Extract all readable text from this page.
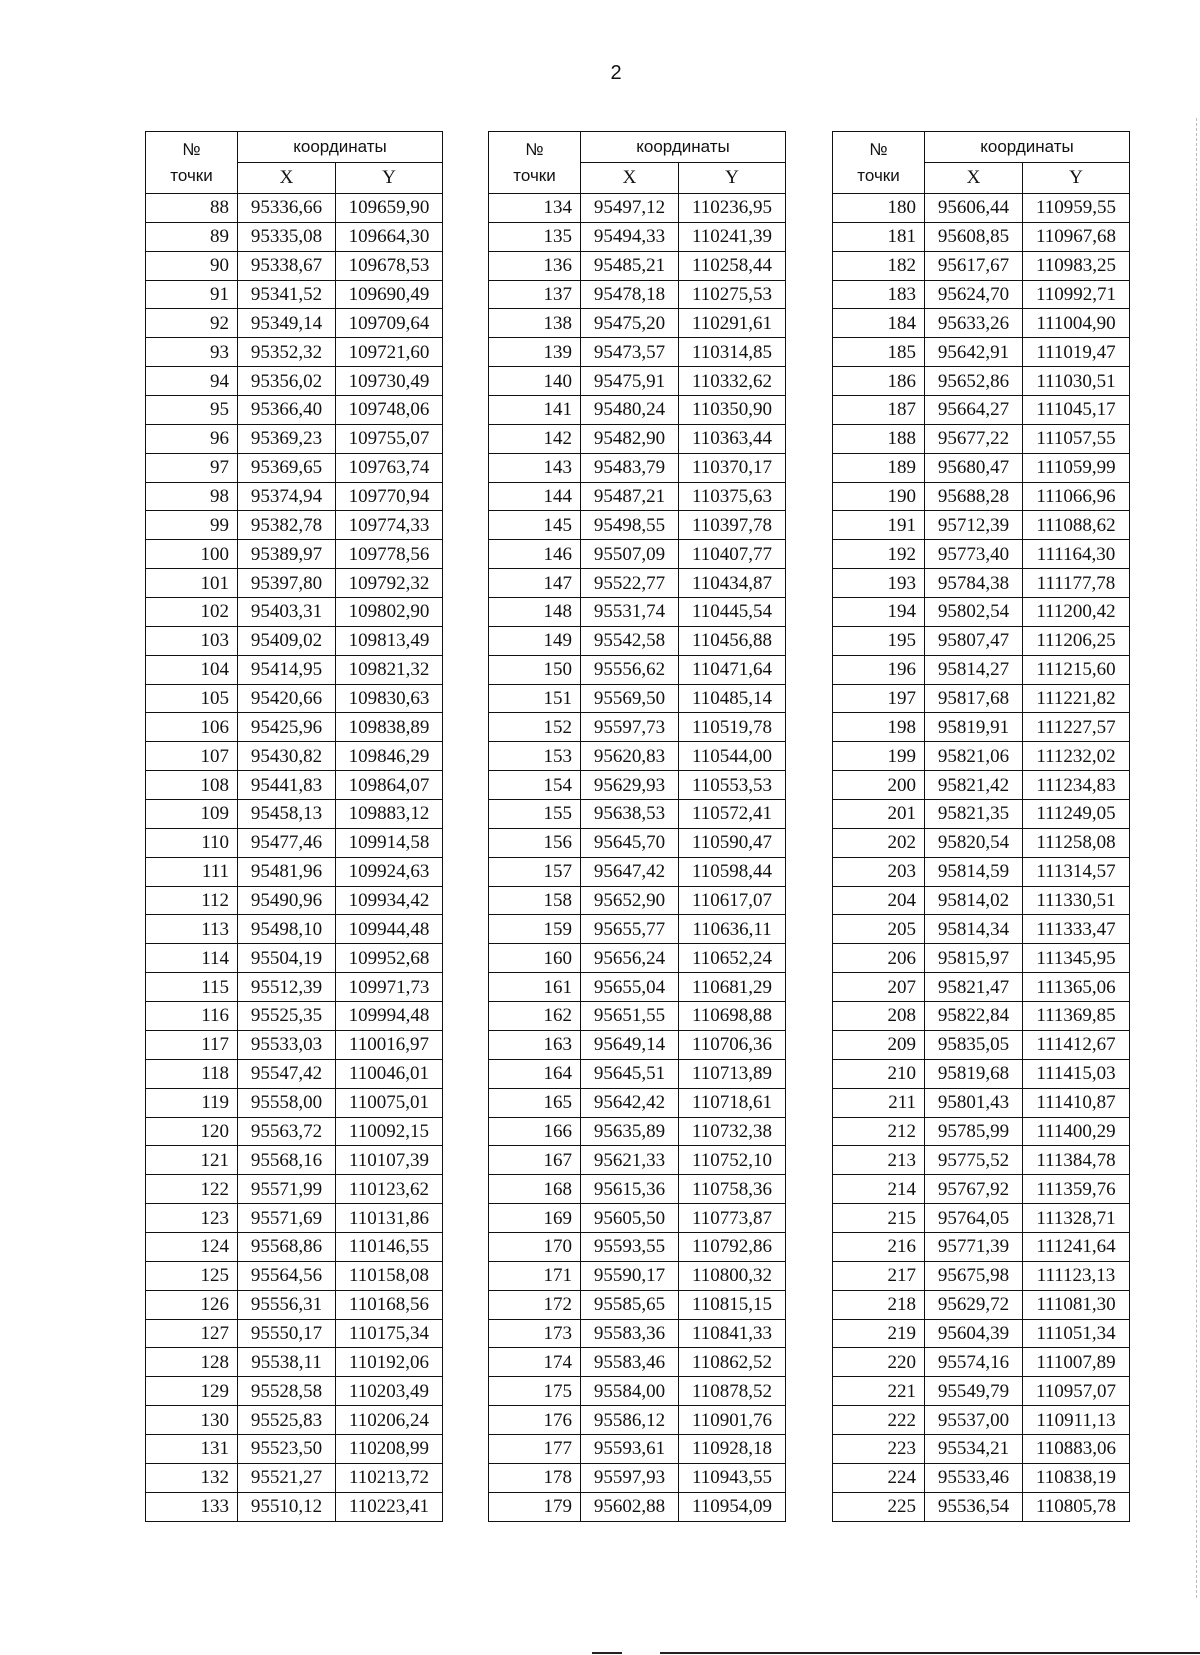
2
№
точки	координаты	
	X	Y
88	95336,66	109659,90
89	95335,08	109664,30
90	95338,67	109678,53
91	95341,52	109690,49
92	95349,14	109709,64
93	95352,32	109721,60
94	95356,02	109730,49
95	95366,40	109748,06
96	95369,23	109755,07
97	95369,65	109763,74
98	95374,94	109770,94
99	95382,78	109774,33
100	95389,97	109778,56
101	95397,80	109792,32
102	95403,31	109802,90
103	95409,02	109813,49
104	95414,95	109821,32
105	95420,66	109830,63
106	95425,96	109838,89
107	95430,82	109846,29
108	95441,83	109864,07
109	95458,13	109883,12
110	95477,46	109914,58
111	95481,96	109924,63
112	95490,96	109934,42
113	95498,10	109944,48
114	95504,19	109952,68
115	95512,39	109971,73
116	95525,35	109994,48
117	95533,03	110016,97
118	95547,42	110046,01
119	95558,00	110075,01
120	95563,72	110092,15
121	95568,16	110107,39
122	95571,99	110123,62
123	95571,69	110131,86
124	95568,86	110146,55
125	95564,56	110158,08
126	95556,31	110168,56
127	95550,17	110175,34
128	95538,11	110192,06
129	95528,58	110203,49
130	95525,83	110206,24
131	95523,50	110208,99
132	95521,27	110213,72
133	95510,12	110223,41
№
точки	координаты	
	X	Y
134	95497,12	110236,95
135	95494,33	110241,39
136	95485,21	110258,44
137	95478,18	110275,53
138	95475,20	110291,61
139	95473,57	110314,85
140	95475,91	110332,62
141	95480,24	110350,90
142	95482,90	110363,44
143	95483,79	110370,17
144	95487,21	110375,63
145	95498,55	110397,78
146	95507,09	110407,77
147	95522,77	110434,87
148	95531,74	110445,54
149	95542,58	110456,88
150	95556,62	110471,64
151	95569,50	110485,14
152	95597,73	110519,78
153	95620,83	110544,00
154	95629,93	110553,53
155	95638,53	110572,41
156	95645,70	110590,47
157	95647,42	110598,44
158	95652,90	110617,07
159	95655,77	110636,11
160	95656,24	110652,24
161	95655,04	110681,29
162	95651,55	110698,88
163	95649,14	110706,36
164	95645,51	110713,89
165	95642,42	110718,61
166	95635,89	110732,38
167	95621,33	110752,10
168	95615,36	110758,36
169	95605,50	110773,87
170	95593,55	110792,86
171	95590,17	110800,32
172	95585,65	110815,15
173	95583,36	110841,33
174	95583,46	110862,52
175	95584,00	110878,52
176	95586,12	110901,76
177	95593,61	110928,18
178	95597,93	110943,55
179	95602,88	110954,09
№
точки	координаты	
	X	Y
180	95606,44	110959,55
181	95608,85	110967,68
182	95617,67	110983,25
183	95624,70	110992,71
184	95633,26	111004,90
185	95642,91	111019,47
186	95652,86	111030,51
187	95664,27	111045,17
188	95677,22	111057,55
189	95680,47	111059,99
190	95688,28	111066,96
191	95712,39	111088,62
192	95773,40	111164,30
193	95784,38	111177,78
194	95802,54	111200,42
195	95807,47	111206,25
196	95814,27	111215,60
197	95817,68	111221,82
198	95819,91	111227,57
199	95821,06	111232,02
200	95821,42	111234,83
201	95821,35	111249,05
202	95820,54	111258,08
203	95814,59	111314,57
204	95814,02	111330,51
205	95814,34	111333,47
206	95815,97	111345,95
207	95821,47	111365,06
208	95822,84	111369,85
209	95835,05	111412,67
210	95819,68	111415,03
211	95801,43	111410,87
212	95785,99	111400,29
213	95775,52	111384,78
214	95767,92	111359,76
215	95764,05	111328,71
216	95771,39	111241,64
217	95675,98	111123,13
218	95629,72	111081,30
219	95604,39	111051,34
220	95574,16	111007,89
221	95549,79	110957,07
222	95537,00	110911,13
223	95534,21	110883,06
224	95533,46	110838,19
225	95536,54	110805,78
